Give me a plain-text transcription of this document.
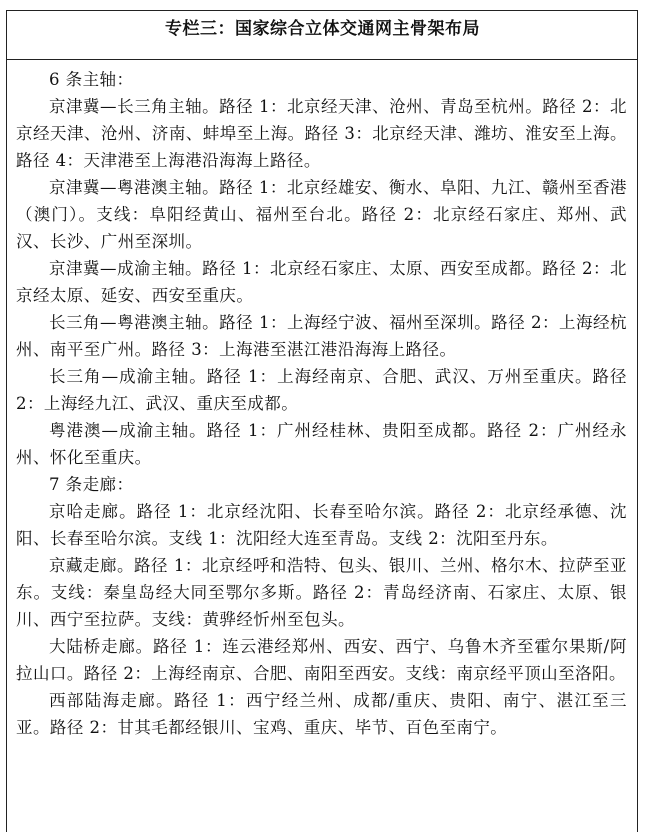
专栏三：国家综合立体交通网主骨架布局

6 条主轴：

京津冀—长三角主轴。路径 1：北京经天津、沧州、青岛至杭州。路径 2：北京经天津、沧州、济南、蚌埠至上海。路径 3：北京经天津、潍坊、淮安至上海。路径 4：天津港至上海港沿海海上路径。

京津冀—粤港澳主轴。路径 1：北京经雄安、衡水、阜阳、九江、赣州至香港（澳门）。支线：阜阳经黄山、福州至台北。路径 2：北京经石家庄、郑州、武汉、长沙、广州至深圳。

京津冀—成渝主轴。路径 1：北京经石家庄、太原、西安至成都。路径 2：北京经太原、延安、西安至重庆。

长三角—粤港澳主轴。路径 1：上海经宁波、福州至深圳。路径 2：上海经杭州、南平至广州。路径 3：上海港至湛江港沿海海上路径。

长三角—成渝主轴。路径 1：上海经南京、合肥、武汉、万州至重庆。路径 2：上海经九江、武汉、重庆至成都。

粤港澳—成渝主轴。路径 1：广州经桂林、贵阳至成都。路径 2：广州经永州、怀化至重庆。

7 条走廊：

京哈走廊。路径 1：北京经沈阳、长春至哈尔滨。路径 2：北京经承德、沈阳、长春至哈尔滨。支线 1：沈阳经大连至青岛。支线 2：沈阳至丹东。

京藏走廊。路径 1：北京经呼和浩特、包头、银川、兰州、格尔木、拉萨至亚东。支线：秦皇岛经大同至鄂尔多斯。路径 2：青岛经济南、石家庄、太原、银川、西宁至拉萨。支线：黄骅经忻州至包头。

大陆桥走廊。路径 1：连云港经郑州、西安、西宁、乌鲁木齐至霍尔果斯/阿拉山口。路径 2：上海经南京、合肥、南阳至西安。支线：南京经平顶山至洛阳。

西部陆海走廊。路径 1：西宁经兰州、成都/重庆、贵阳、南宁、湛江至三亚。路径 2：甘其毛都经银川、宝鸡、重庆、毕节、百色至南宁。
